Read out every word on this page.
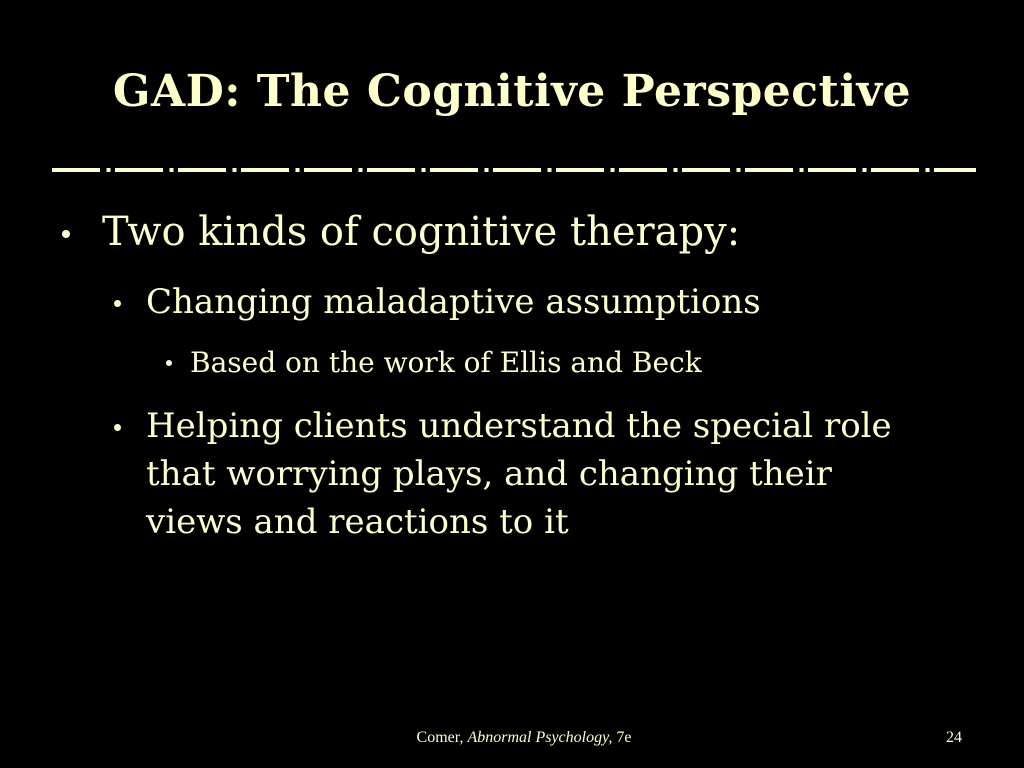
GAD: The Cognitive Perspective
Two kinds of cognitive therapy:
Changing maladaptive assumptions
Based on the work of Ellis and Beck
Helping clients understand the special role that worrying plays, and changing their views and reactions to it
Comer, Abnormal Psychology, 7e	24
